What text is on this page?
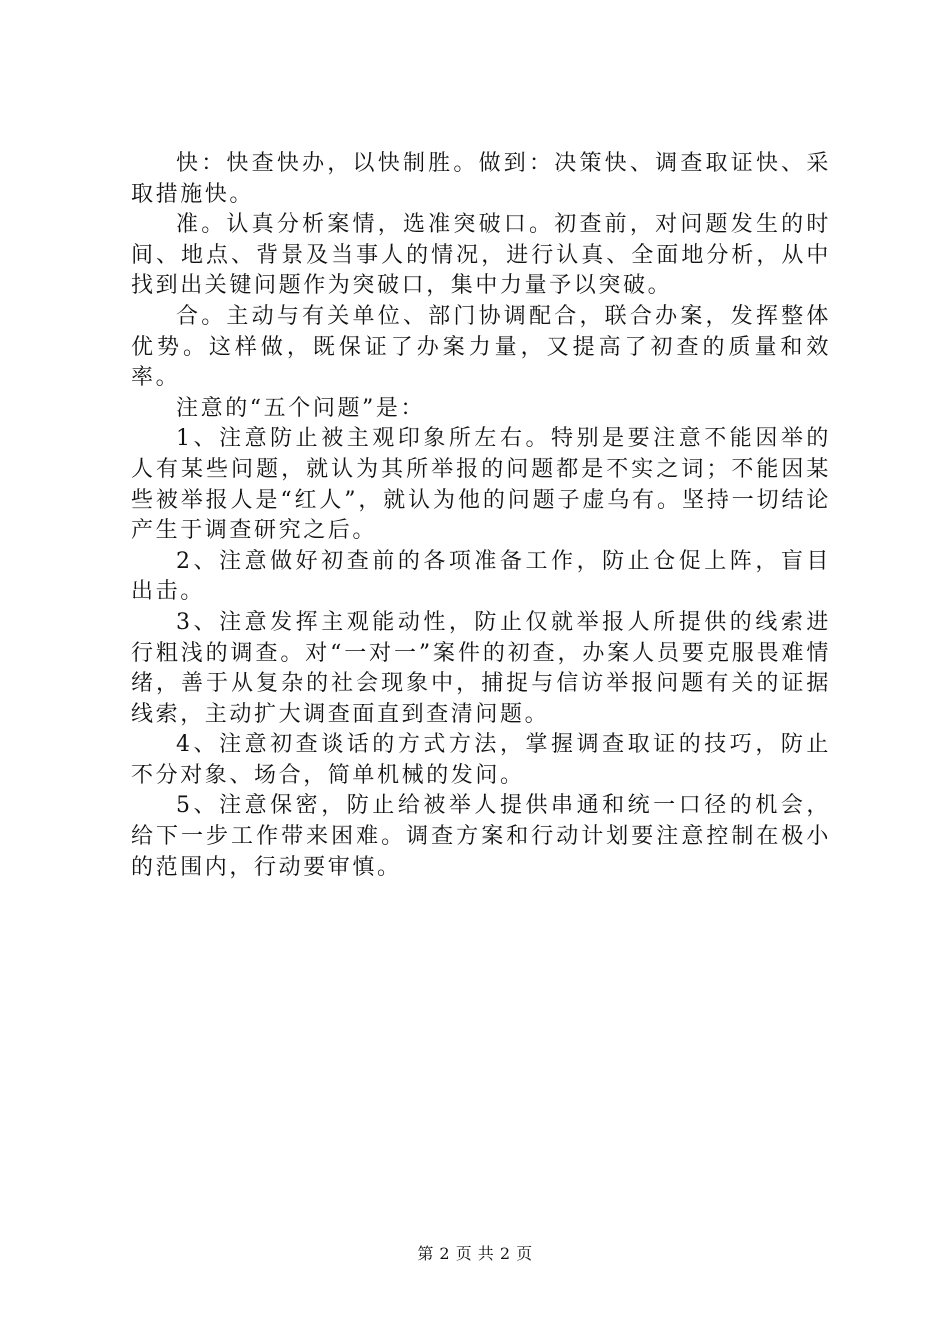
快：快查快办，以快制胜。做到：决策快、调查取证快、采取措施快。

准。认真分析案情，选准突破口。初查前，对问题发生的时间、地点、背景及当事人的情况，进行认真、全面地分析，从中找到出关键问题作为突破口，集中力量予以突破。

合。主动与有关单位、部门协调配合，联合办案，发挥整体优势。这样做，既保证了办案力量，又提高了初查的质量和效率。

注意的“五个问题”是：

1、注意防止被主观印象所左右。特别是要注意不能因举的人有某些问题，就认为其所举报的问题都是不实之词；不能因某些被举报人是“红人”，就认为他的问题子虚乌有。坚持一切结论产生于调查研究之后。

2、注意做好初查前的各项准备工作，防止仓促上阵，盲目出击。

3、注意发挥主观能动性，防止仅就举报人所提供的线索进行粗浅的调查。对“一对一”案件的初查，办案人员要克服畏难情绪，善于从复杂的社会现象中，捕捉与信访举报问题有关的证据线索，主动扩大调查面直到查清问题。

4、注意初查谈话的方式方法，掌握调查取证的技巧，防止不分对象、场合，简单机械的发问。

5、注意保密，防止给被举人提供串通和统一口径的机会，给下一步工作带来困难。调查方案和行动计划要注意控制在极小的范围内，行动要审慎。

第 2 页 共 2 页
